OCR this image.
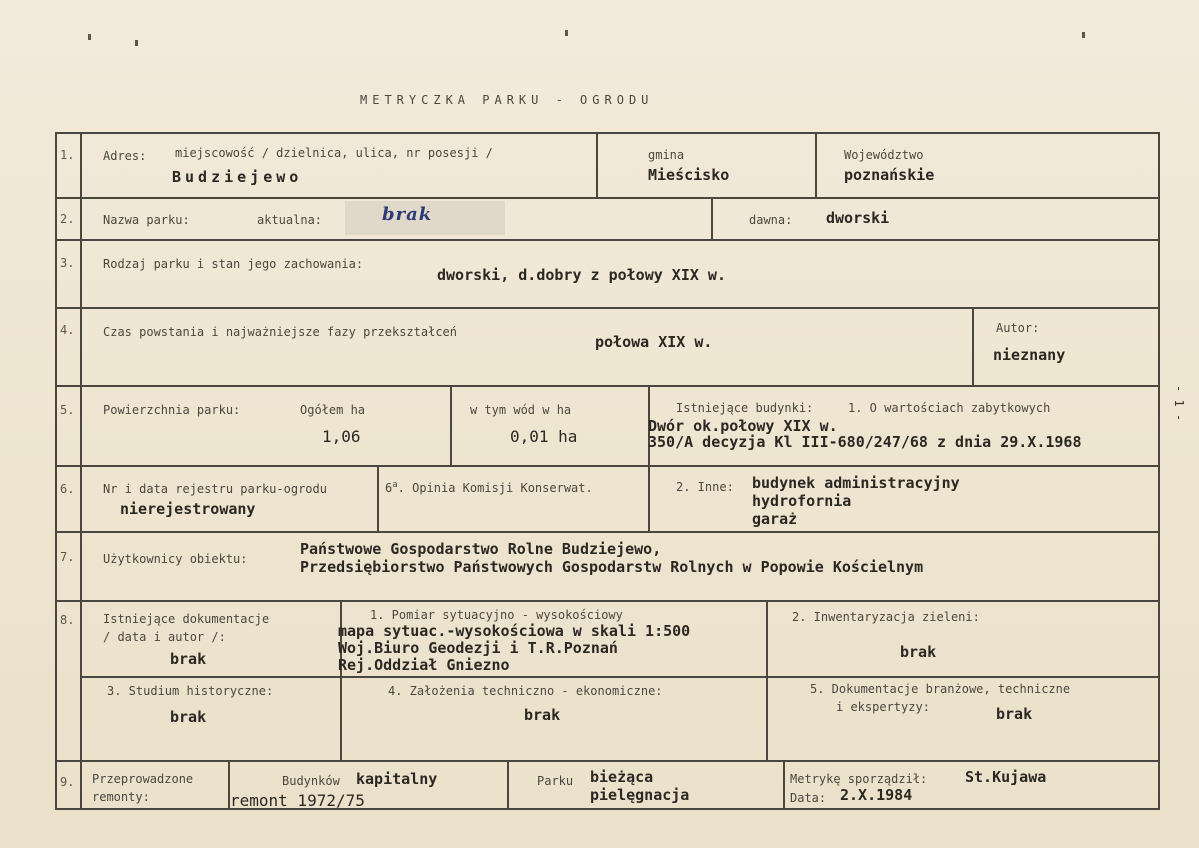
METRYCZKA PARKU - OGRODU
- 1 -
1. Adres: miejscowość / dzielnica, ulica, nr posesji /
Budziejewo
gmina
Mieścisko
Województwo
poznańskie
2. Nazwa parku:	aktualna:	brak	dawna: dworski
3. Rodzaj parku i stan jego zachowania:
dworski, d.dobry z połowy XIX w.
4. Czas powstania i najważniejsze fazy przekształceń
połowa XIX w.
Autor:
nieznany
5. Powierzchnia parku:	Ogółem ha
1,06
w tym wód w ha
0,01 ha
Istniejące budynki:	1. O wartościach zabytkowych
Dwór ok.połowy XIX w.
350/A decyzja Kl III-680/247/68 z dnia 29.X.1968
6. Nr i data rejestru parku-ogrodu
nierejestrowany
6$^a$. Opinia Komisji Konserwat.	2. Inne: budynek administracyjny
hydrofornia
garaż
7. Użytkownicy obiektu:
Państwowe Gospodarstwo Rolne Budziejewo,
Przedsiębiorstwo Państwowych Gospodarstw Rolnych w Popowie Kościelnym
8. Istniejące dokumentacje
/ data i autor /:
brak
1. Pomiar sytuacyjno - wysokościowy
mapa sytuac.-wysokościowa w skali 1:500
Woj.Biuro Geodezji i T.R.Poznań
Rej.Oddział Gniezno
2. Inwentaryzacja zieleni:
brak
3. Studium historyczne:
brak
4. Założenia techniczno - ekonomiczne:
brak
5. Dokumentacje branżowe, techniczne
i ekspertyzy:	brak
9. Przeprowadzone
remonty:
Budynków kapitalny
remont 1972/75
Parku bieżąca
pielęgnacja
Metrykę sporządził:	St.Kujawa
Data: 2.X.1984
